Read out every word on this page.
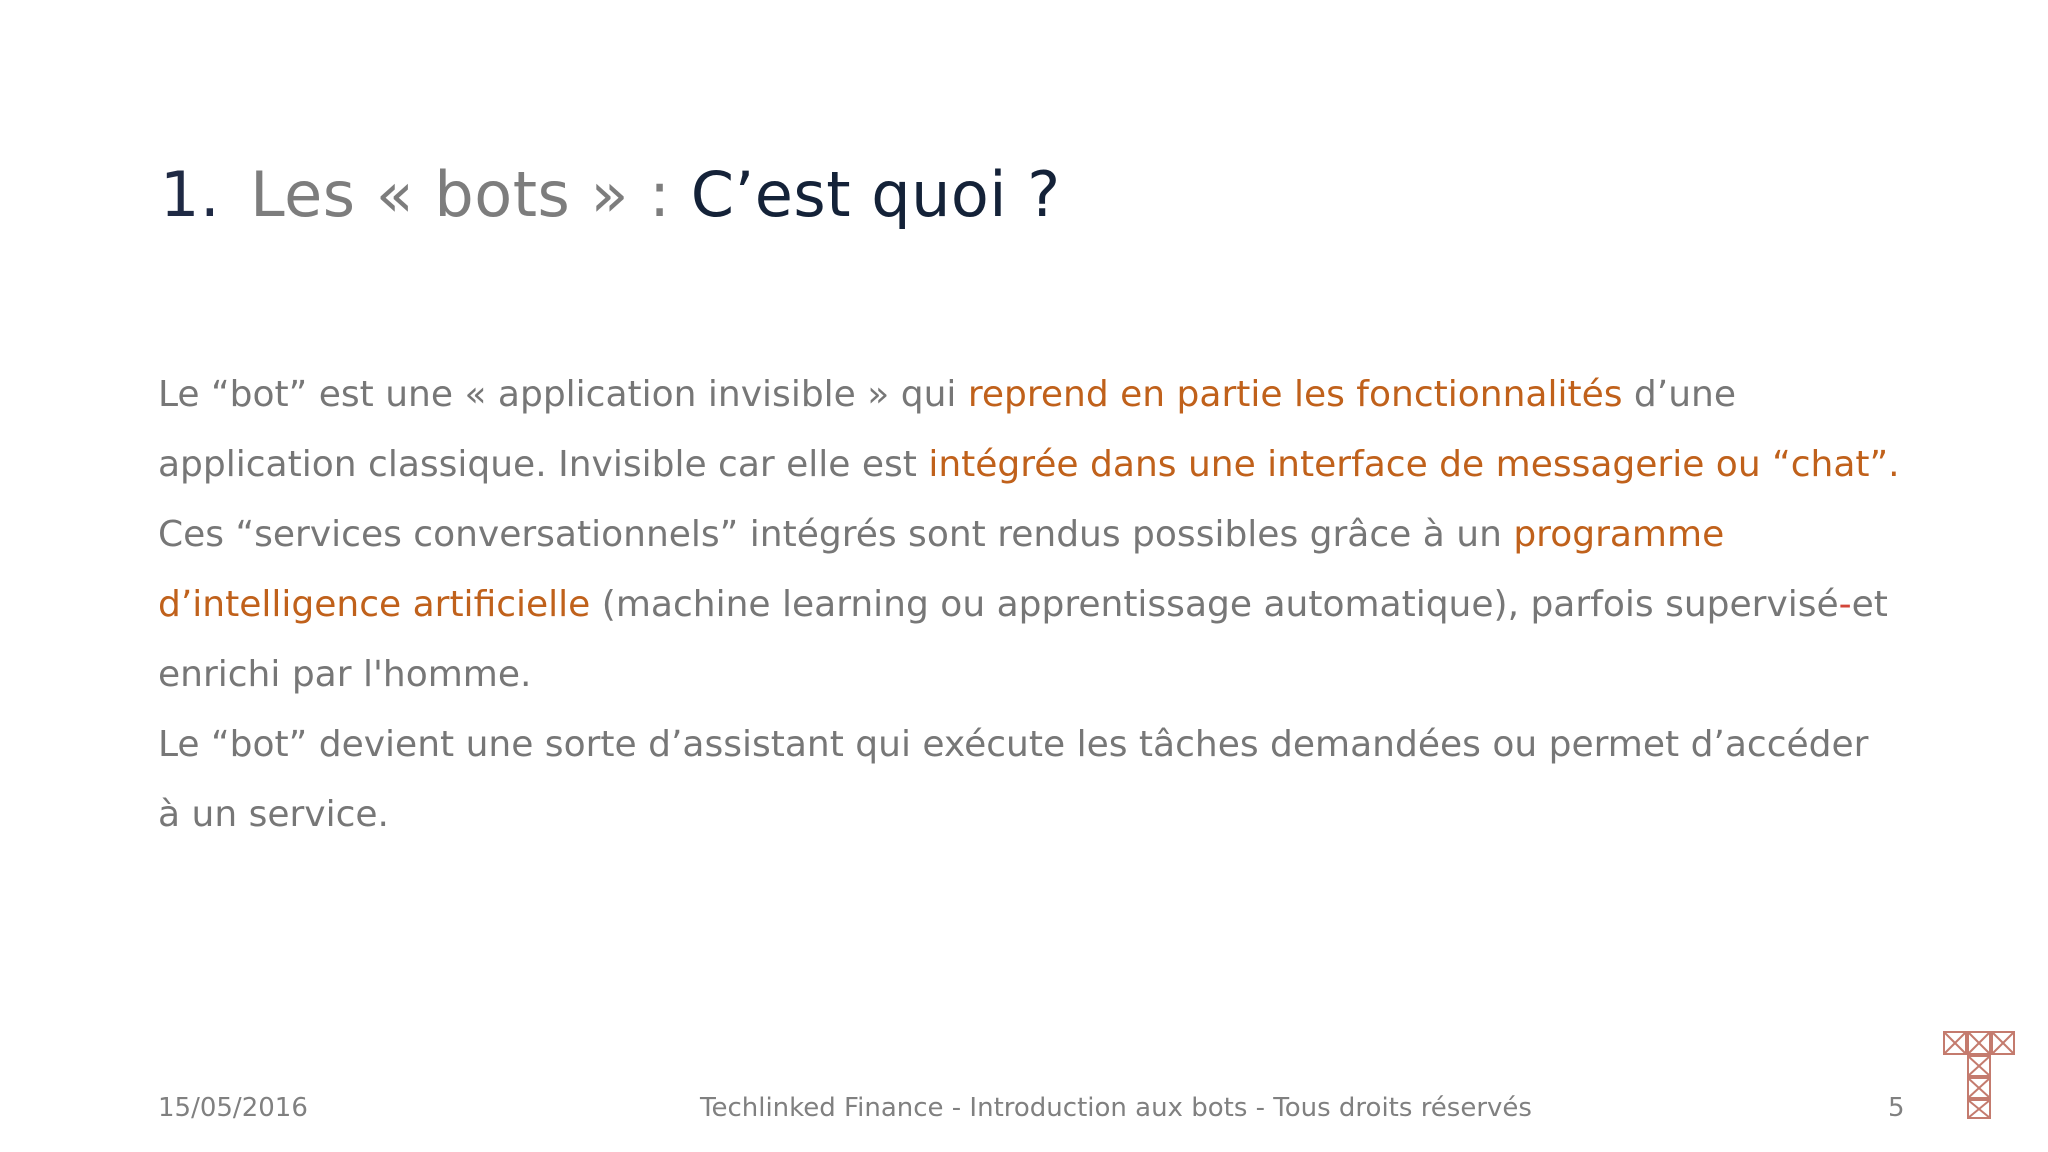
1. Les « bots » : C’est quoi ?
Le “bot” est une « application invisible » qui reprend en partie les fonctionnalités d’une
application classique. Invisible car elle est intégrée dans une interface de messagerie ou “chat”.
Ces “services conversationnels” intégrés sont rendus possibles grâce à un programme
d’intelligence artificielle (machine learning ou apprentissage automatique), parfois supervisé-et
enrichi par l'homme.
Le “bot” devient une sorte d’assistant qui exécute les tâches demandées ou permet d’accéder
à un service.
15/05/2016	Techlinked Finance - Introduction aux bots - Tous droits réservés	5
